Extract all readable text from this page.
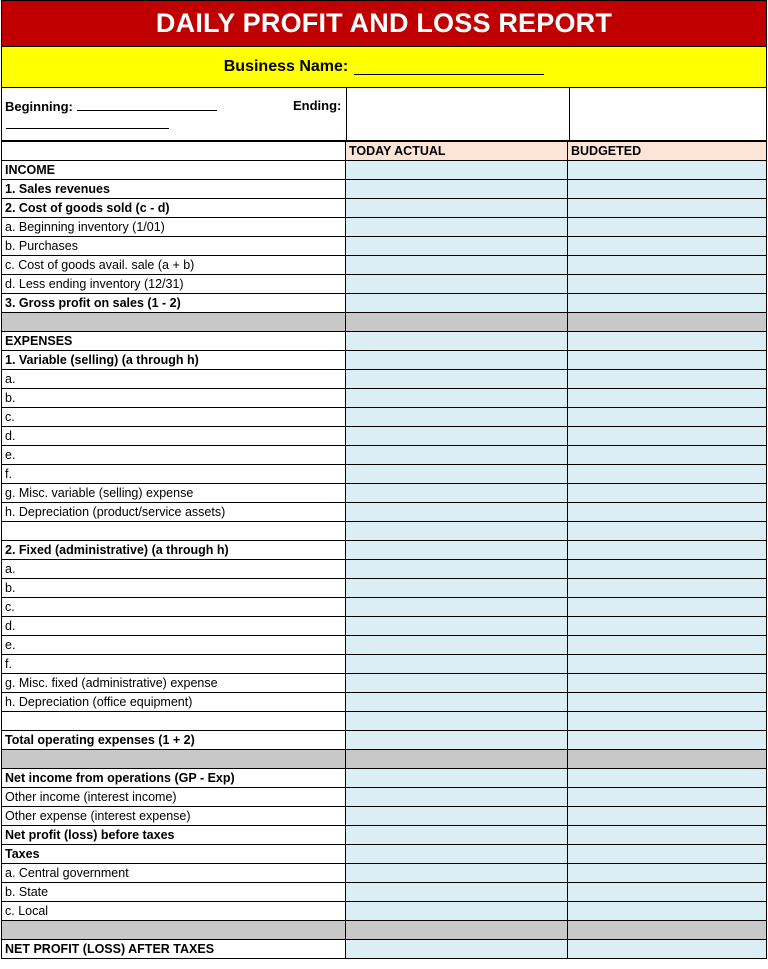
DAILY PROFIT AND LOSS REPORT
Business Name:
Beginning:	Ending:
	TODAY ACTUAL	BUDGETED
INCOME		
1. Sales revenues		
2. Cost of goods sold (c - d)		
a. Beginning inventory (1/01)		
b. Purchases		
c. Cost of goods avail. sale (a + b)		
d. Less ending inventory (12/31)		
3. Gross profit on sales (1 - 2)		

EXPENSES		
1. Variable (selling) (a through h)		
a.		
b.		
c.		
d.		
e.		
f.		
g. Misc. variable (selling) expense		
h. Depreciation (product/service assets)		

2. Fixed (administrative) (a through h)		
a.		
b.		
c.		
d.		
e.		
f.		
g. Misc. fixed (administrative) expense		
h. Depreciation (office equipment)		

Total operating expenses (1 + 2)		

Net income from operations (GP - Exp)		
Other income (interest income)		
Other expense (interest expense)		
Net profit (loss) before taxes		
Taxes		
a. Central government		
b. State		
c. Local		

NET PROFIT (LOSS) AFTER TAXES		
